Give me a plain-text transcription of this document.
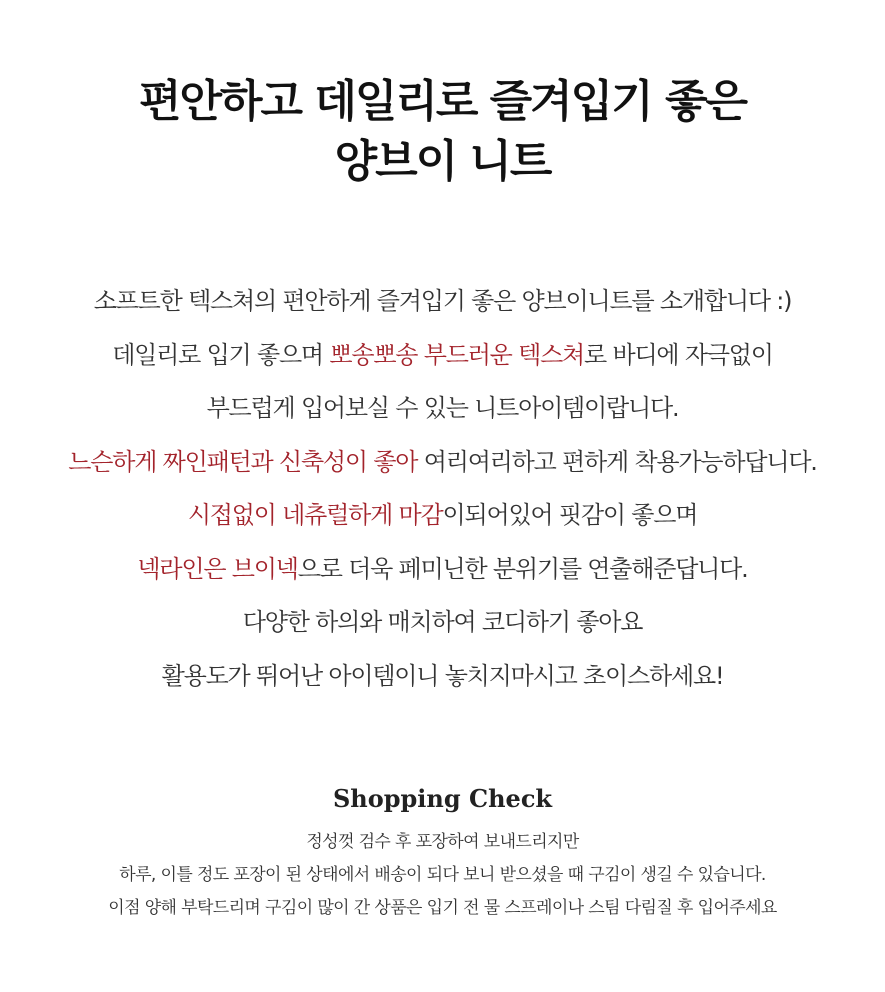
편안하고 데일리로 즐겨입기 좋은
양브이 니트
소프트한 텍스쳐의 편안하게 즐겨입기 좋은 양브이니트를 소개합니다 :)
데일리로 입기 좋으며 뽀송뽀송 부드러운 텍스쳐로 바디에 자극없이
부드럽게 입어보실 수 있는 니트아이템이랍니다.
느슨하게 짜인패턴과 신축성이 좋아 여리여리하고 편하게 착용가능하답니다.
시접없이 네츄럴하게 마감이되어있어 핏감이 좋으며
넥라인은 브이넥으로 더욱 페미닌한 분위기를 연출해준답니다.
다양한 하의와 매치하여 코디하기 좋아요
활용도가 뛰어난 아이템이니 놓치지마시고 초이스하세요!
Shopping Check
정성껏 검수 후 포장하여 보내드리지만
하루, 이틀 정도 포장이 된 상태에서 배송이 되다 보니 받으셨을 때 구김이 생길 수 있습니다.
이점 양해 부탁드리며 구김이 많이 간 상품은 입기 전 물 스프레이나 스팀 다림질 후 입어주세요
